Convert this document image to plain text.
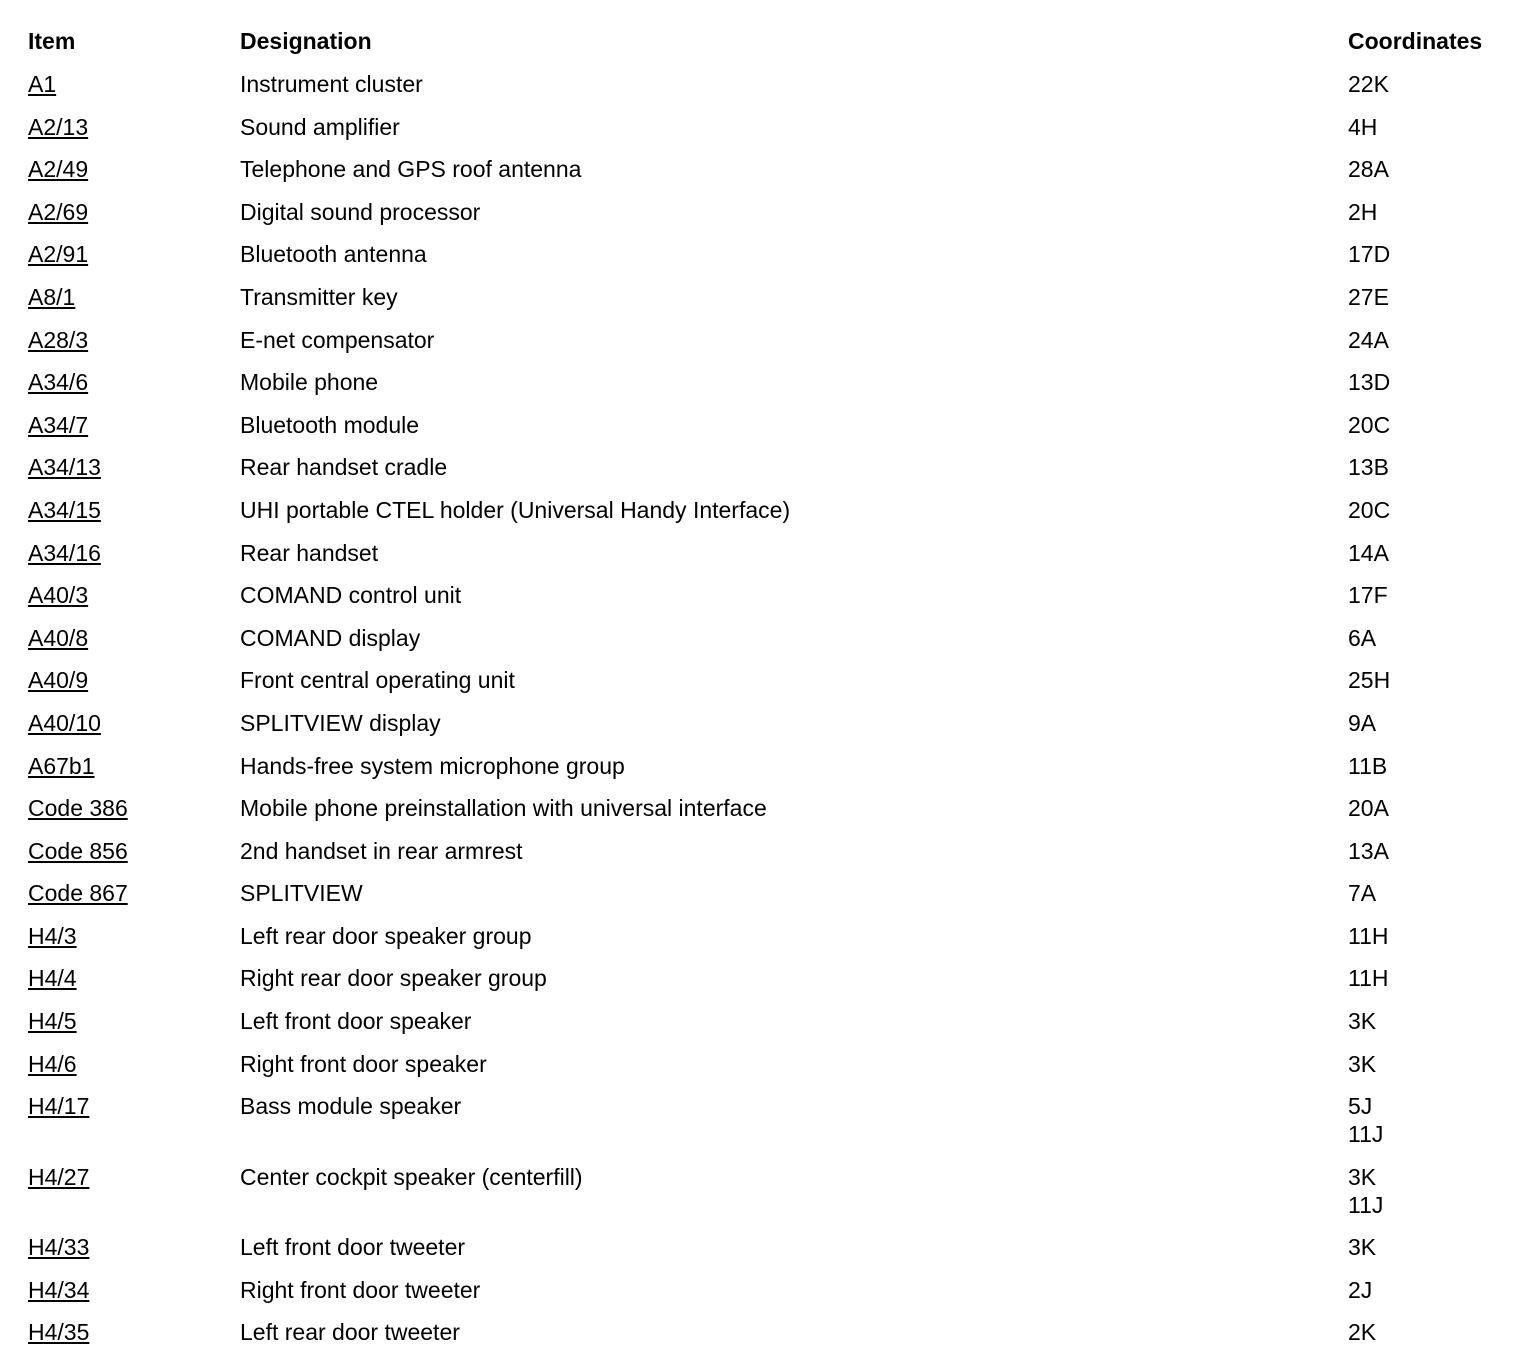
Item	Designation	Coordinates
A1	Instrument cluster	22K
A2/13	Sound amplifier	4H
A2/49	Telephone and GPS roof antenna	28A
A2/69	Digital sound processor	2H
A2/91	Bluetooth antenna	17D
A8/1	Transmitter key	27E
A28/3	E-net compensator	24A
A34/6	Mobile phone	13D
A34/7	Bluetooth module	20C
A34/13	Rear handset cradle	13B
A34/15	UHI portable CTEL holder (Universal Handy Interface)	20C
A34/16	Rear handset	14A
A40/3	COMAND control unit	17F
A40/8	COMAND display	6A
A40/9	Front central operating unit	25H
A40/10	SPLITVIEW display	9A
A67b1	Hands-free system microphone group	11B
Code 386	Mobile phone preinstallation with universal interface	20A
Code 856	2nd handset in rear armrest	13A
Code 867	SPLITVIEW	7A
H4/3	Left rear door speaker group	11H
H4/4	Right rear door speaker group	11H
H4/5	Left front door speaker	3K
H4/6	Right front door speaker	3K
H4/17	Bass module speaker	5J
11J
H4/27	Center cockpit speaker (centerfill)	3K
11J
H4/33	Left front door tweeter	3K
H4/34	Right front door tweeter	2J
H4/35	Left rear door tweeter	2K
